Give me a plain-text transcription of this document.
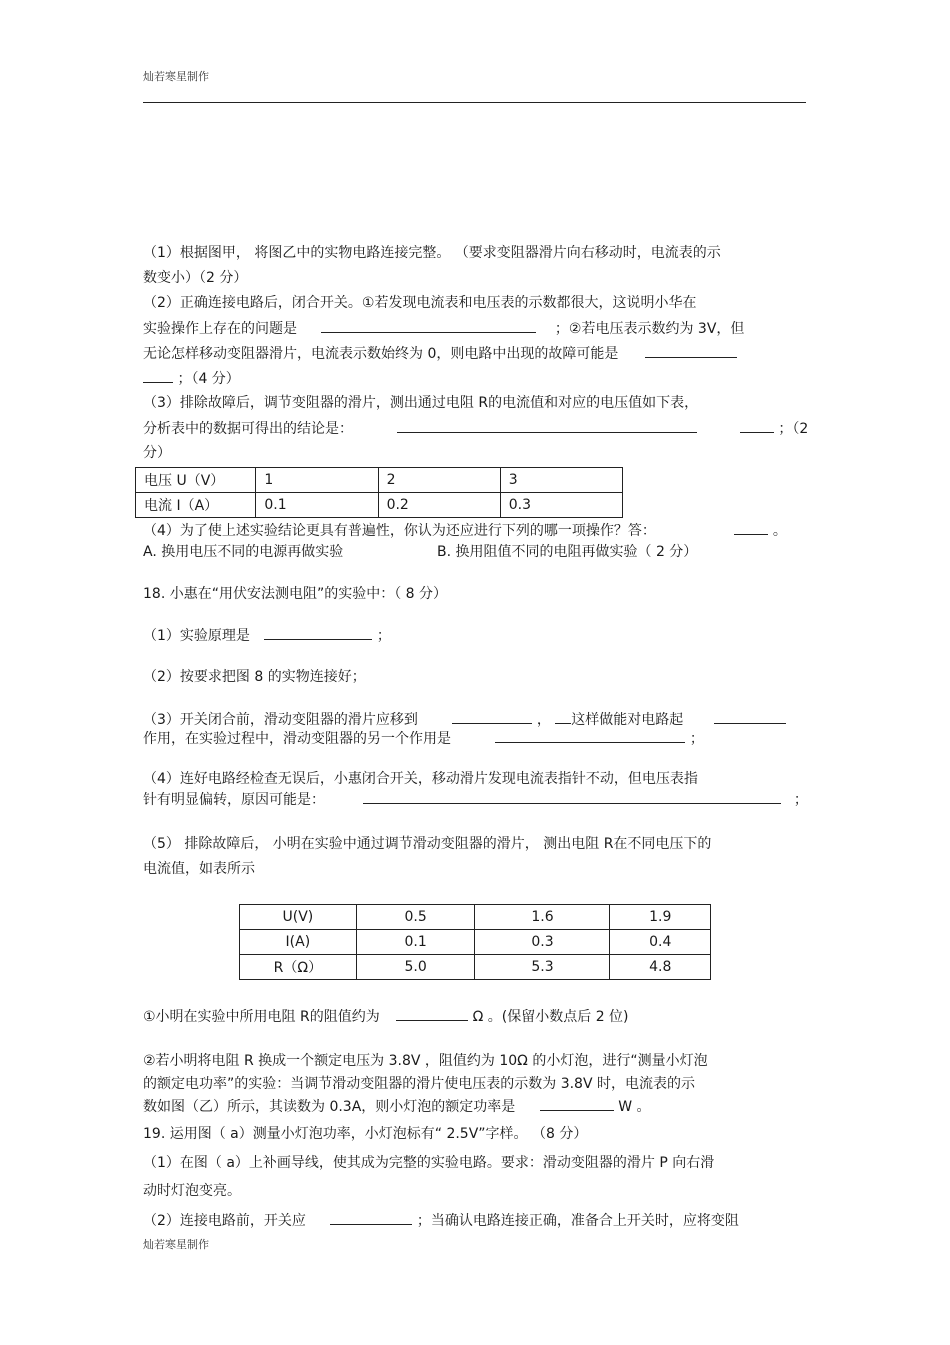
灿若寒星制作
（1）根据图甲， 将图乙中的实物电路连接完整。 （要求变阻器滑片向右移动时，电流表的示
数变小）（2 分）
（2）正确连接电路后，闭合开关。①若发现电流表和电压表的示数都很大，这说明小华在
实验操作上存在的问题是	；②若电压表示数约为 3V，但
无论怎样移动变阻器滑片，电流表示数始终为 0，则电路中出现的故障可能是
；（4 分）
（3）排除故障后，调节变阻器的滑片，测出通过电阻 R的电流值和对应的电压值如下表，
分析表中的数据可得出的结论是：	；（2
分）
电压 U（V）	1	2	3
电流 I（A）	0.1	0.2	0.3
（4）为了使上述实验结论更具有普遍性，你认为还应进行下列的哪一项操作？答：	。
A. 换用电压不同的电源再做实验	B. 换用阻值不同的电阻再做实验（ 2 分）
18. 小惠在“用伏安法测电阻”的实验中：（ 8 分）
（1）实验原理是	；
（2）按要求把图 8 的实物连接好；
（3）开关闭合前，滑动变阻器的滑片应移到	， 这样做能对电路起
作用，在实验过程中，滑动变阻器的另一个作用是	；
（4）连好电路经检查无误后，小惠闭合开关，移动滑片发现电流表指针不动，但电压表指
针有明显偏转，原因可能是：	；
（5） 排除故障后， 小明在实验中通过调节滑动变阻器的滑片， 测出电阻 R在不同电压下的
电流值，如表所示
U(V)	0.5	1.6	1.9
I(A)	0.1	0.3	0.4
R（Ω）	5.0	5.3	4.8
①小明在实验中所用电阻 R的阻值约为	Ω 。(保留小数点后 2 位)
②若小明将电阻 R 换成一个额定电压为 3.8V ，阻值约为 10Ω 的小灯泡，进行“测量小灯泡
的额定电功率”的实验：当调节滑动变阻器的滑片使电压表的示数为 3.8V 时，电流表的示
数如图（乙）所示，其读数为 0.3A，则小灯泡的额定功率是	W 。
19. 运用图（ a）测量小灯泡功率，小灯泡标有“ 2.5V”字样。 （8 分）
（1）在图（ a）上补画导线，使其成为完整的实验电路。要求：滑动变阻器的滑片 P 向右滑
动时灯泡变亮。
（2）连接电路前，开关应	；当确认电路连接正确，准备合上开关时，应将变阻
灿若寒星制作
